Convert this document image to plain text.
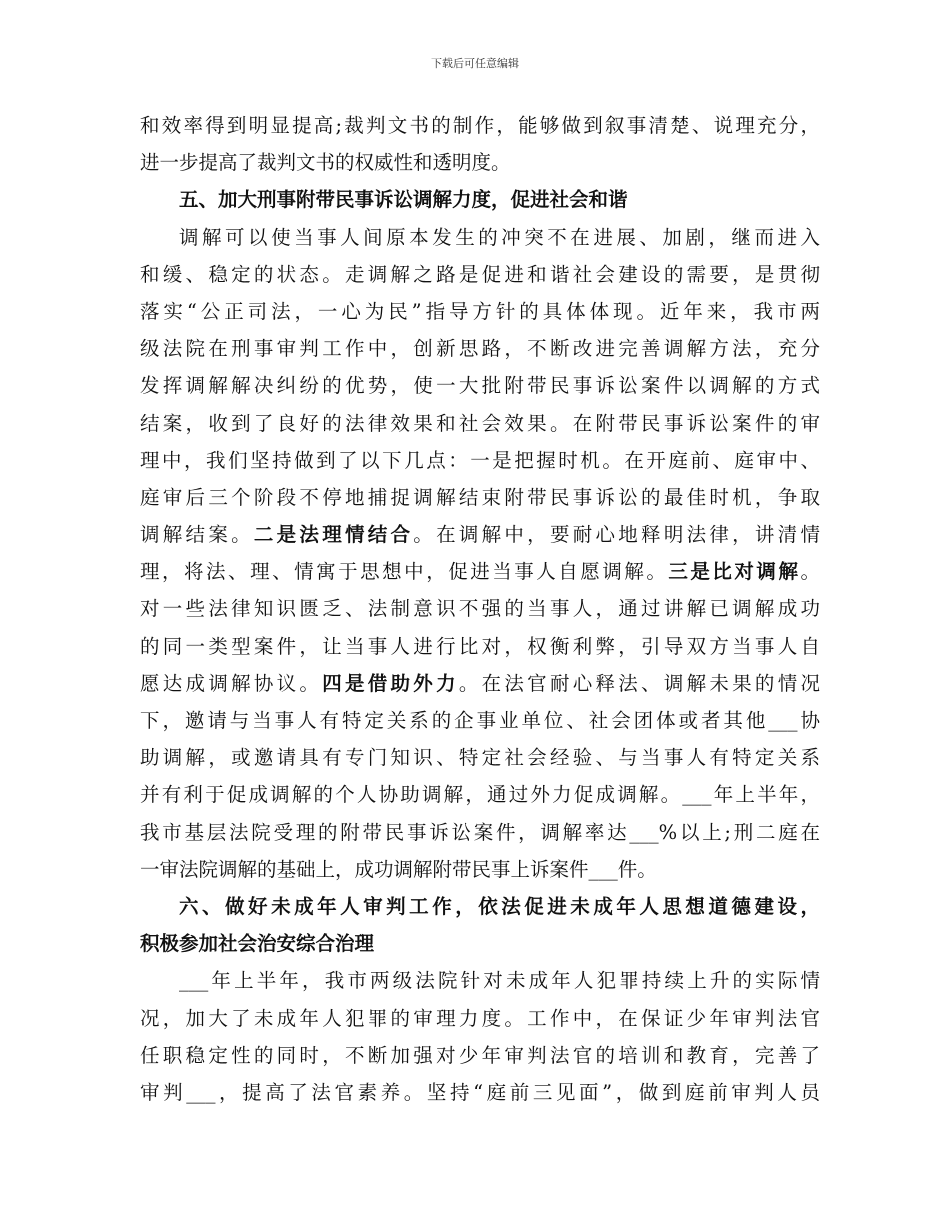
下载后可任意编辑
和效率得到明显提高;裁判文书的制作，能够做到叙事清楚、说理充分，
进一步提高了裁判文书的权威性和透明度。
五、加大刑事附带民事诉讼调解力度，促进社会和谐
调解可以使当事人间原本发生的冲突不在进展、加剧，继而进入
和缓、稳定的状态。走调解之路是促进和谐社会建设的需要，是贯彻
落实“公正司法，一心为民”指导方针的具体体现。近年来，我市两
级法院在刑事审判工作中，创新思路，不断改进完善调解方法，充分
发挥调解解决纠纷的优势，使一大批附带民事诉讼案件以调解的方式
结案，收到了良好的法律效果和社会效果。在附带民事诉讼案件的审
理中，我们坚持做到了以下几点：一是把握时机。在开庭前、庭审中、
庭审后三个阶段不停地捕捉调解结束附带民事诉讼的最佳时机，争取
调解结案。二是法理情结合。在调解中，要耐心地释明法律，讲清情
理，将法、理、情寓于思想中，促进当事人自愿调解。三是比对调解。
对一些法律知识匮乏、法制意识不强的当事人，通过讲解已调解成功
的同一类型案件，让当事人进行比对，权衡利弊，引导双方当事人自
愿达成调解协议。四是借助外力。在法官耐心释法、调解未果的情况
下，邀请与当事人有特定关系的企事业单位、社会团体或者其他___协
助调解，或邀请具有专门知识、特定社会经验、与当事人有特定关系
并有利于促成调解的个人协助调解，通过外力促成调解。___年上半年，
我市基层法院受理的附带民事诉讼案件，调解率达___%以上;刑二庭在
一审法院调解的基础上，成功调解附带民事上诉案件___件。
六、做好未成年人审判工作，依法促进未成年人思想道德建设，
积极参加社会治安综合治理
___年上半年，我市两级法院针对未成年人犯罪持续上升的实际情
况，加大了未成年人犯罪的审理力度。工作中，在保证少年审判法官
任职稳定性的同时，不断加强对少年审判法官的培训和教育，完善了
审判___，提高了法官素养。坚持“庭前三见面”，做到庭前审判人员
